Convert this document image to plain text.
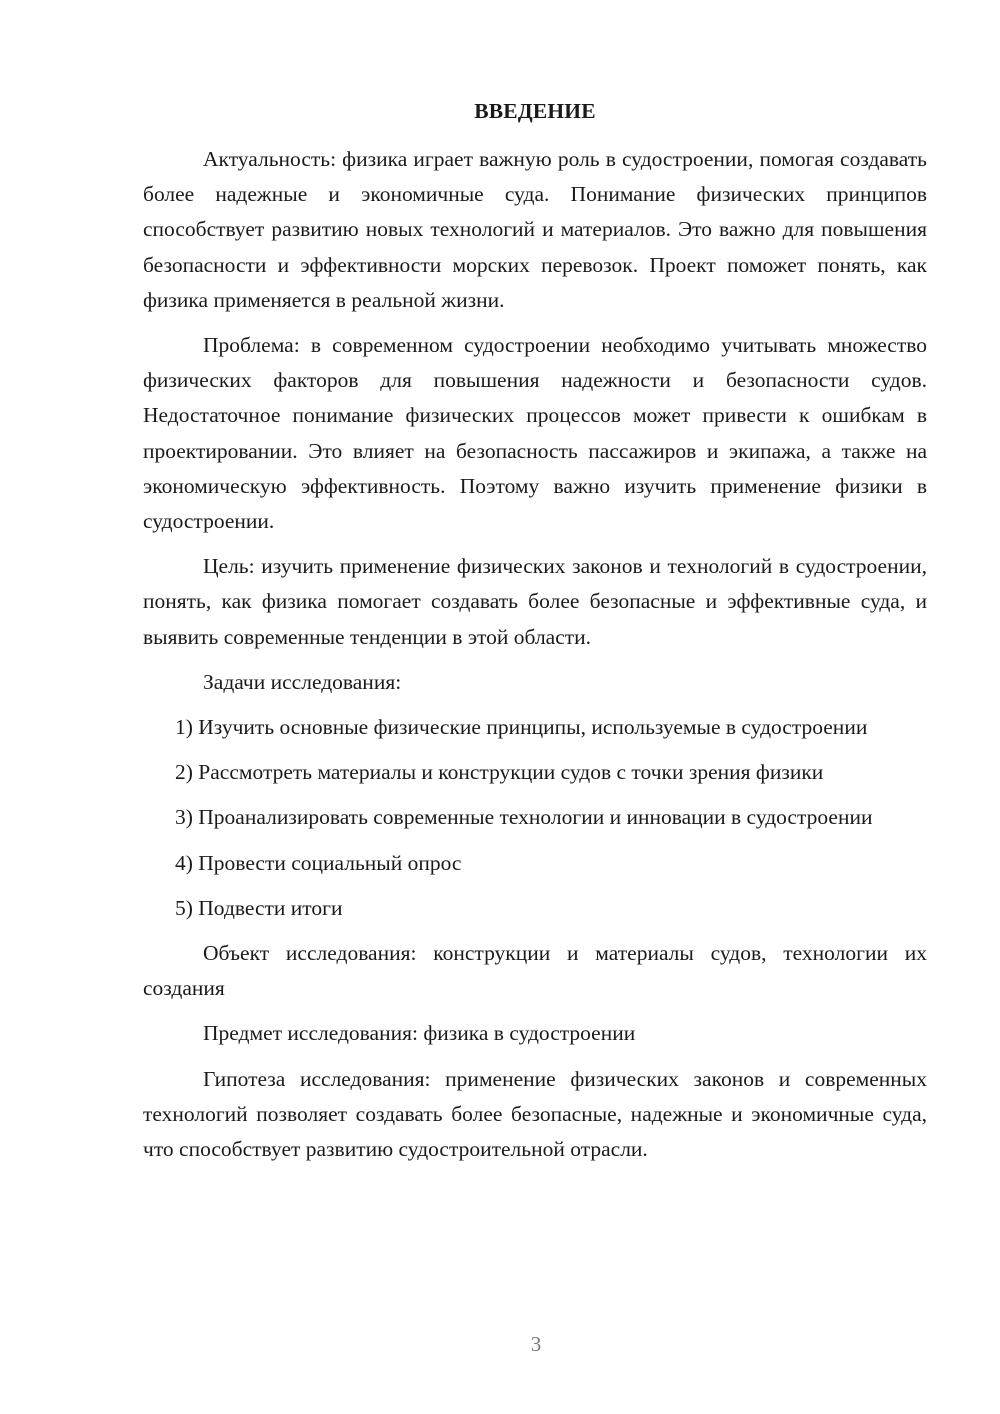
ВВЕДЕНИЕ

Актуальность: физика играет важную роль в судостроении, помогая создавать более надежные и экономичные суда. Понимание физических принципов способствует развитию новых технологий и материалов. Это важно для повышения безопасности и эффективности морских перевозок. Проект поможет понять, как физика применяется в реальной жизни.

Проблема: в современном судостроении необходимо учитывать множество физических факторов для повышения надежности и безопасности судов. Недостаточное понимание физических процессов может привести к ошибкам в проектировании. Это влияет на безопасность пассажиров и экипажа, а также на экономическую эффективность. Поэтому важно изучить применение физики в судостроении.

Цель: изучить применение физических законов и технологий в судостроении, понять, как физика помогает создавать более безопасные и эффективные суда, и выявить современные тенденции в этой области.

Задачи исследования:

1) Изучить основные физические принципы, используемые в судостроении

2) Рассмотреть материалы и конструкции судов с точки зрения физики

3) Проанализировать современные технологии и инновации в судостроении

4) Провести социальный опрос

5) Подвести итоги

Объект исследования: конструкции и материалы судов, технологии их создания

Предмет исследования: физика в судостроении

Гипотеза исследования: применение физических законов и современных технологий позволяет создавать более безопасные, надежные и экономичные суда, что способствует развитию судостроительной отрасли.

3
